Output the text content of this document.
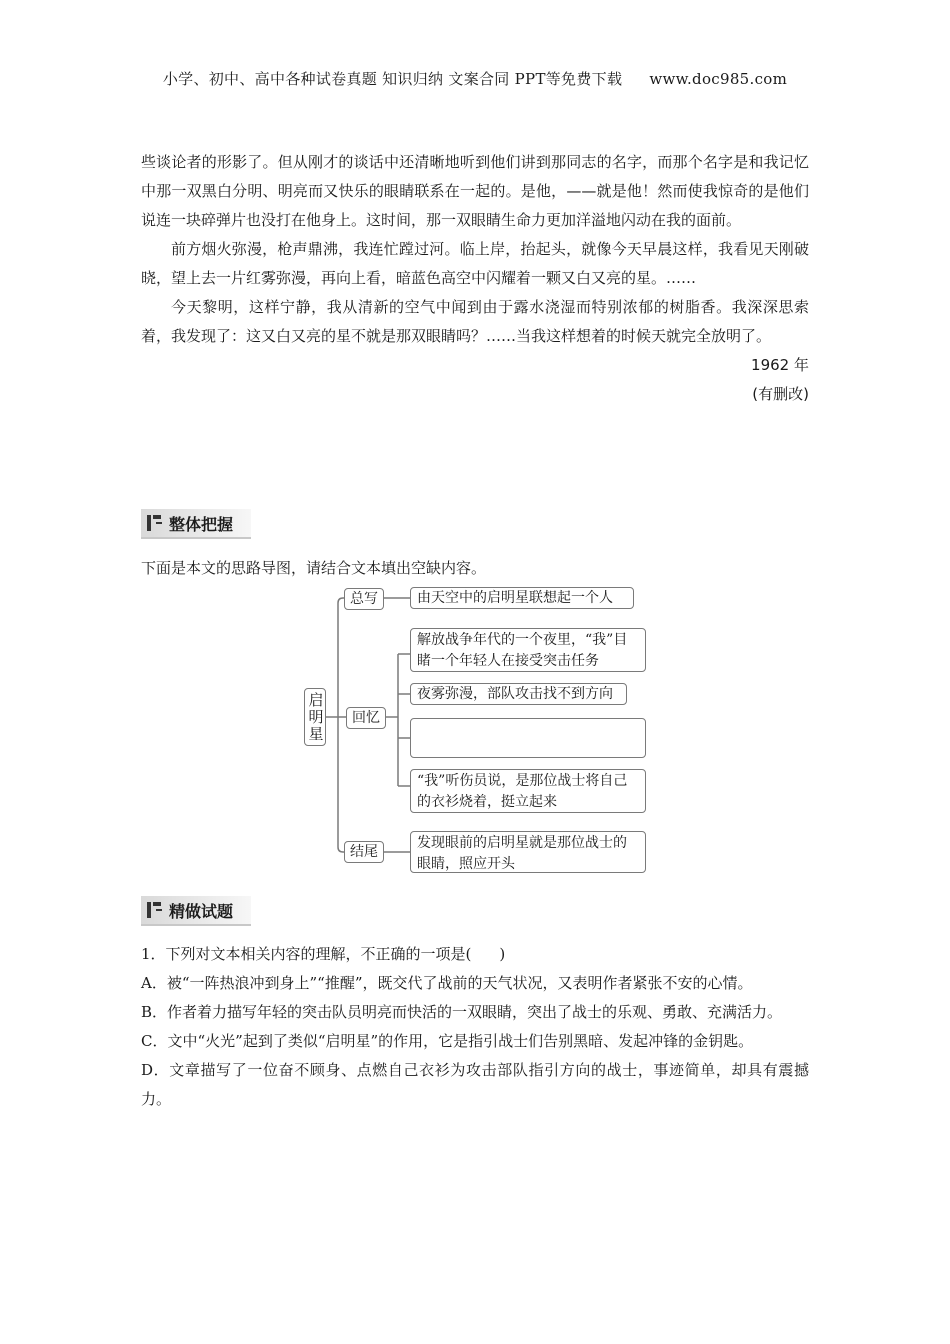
小学、初中、高中各种试卷真题 知识归纳 文案合同 PPT等免费下载 www.doc985.com

些谈论者的形影了。但从刚才的谈话中还清晰地听到他们讲到那同志的名字，而那个名字是和我记忆中那一双黑白分明、明亮而又快乐的眼睛联系在一起的。是他，——就是他！然而使我惊奇的是他们说连一块碎弹片也没打在他身上。这时间，那一双眼睛生命力更加洋溢地闪动在我的面前。

前方烟火弥漫，枪声鼎沸，我连忙蹚过河。临上岸，抬起头，就像今天早晨这样，我看见天刚破晓，望上去一片红雾弥漫，再向上看，暗蓝色高空中闪耀着一颗又白又亮的星。……

今天黎明，这样宁静，我从清新的空气中闻到由于露水浇湿而特别浓郁的树脂香。我深深思索着，我发现了：这又白又亮的星不就是那双眼睛吗？……当我这样想着的时候天就完全放明了。

1962 年

(有删改)

整体把握
下面是本文的思路导图，请结合文本填出空缺内容。
启明星
总写
回忆
结尾
由天空中的启明星联想起一个人
解放战争年代的一个夜里，“我”目睹一个年轻人在接受突击任务
夜雾弥漫，部队攻击找不到方向
“我”听伤员说，是那位战士将自己的衣衫烧着，挺立起来
发现眼前的启明星就是那位战士的眼睛，照应开头
精做试题

1．下列对文本相关内容的理解，不正确的一项是( )

A．被“一阵热浪冲到身上”“推醒”，既交代了战前的天气状况，又表明作者紧张不安的心情。

B．作者着力描写年轻的突击队员明亮而快活的一双眼睛，突出了战士的乐观、勇敢、充满活力。

C．文中“火光”起到了类似“启明星”的作用，它是指引战士们告别黑暗、发起冲锋的金钥匙。

D．文章描写了一位奋不顾身、点燃自己衣衫为攻击部队指引方向的战士，事迹简单，却具有震撼力。
